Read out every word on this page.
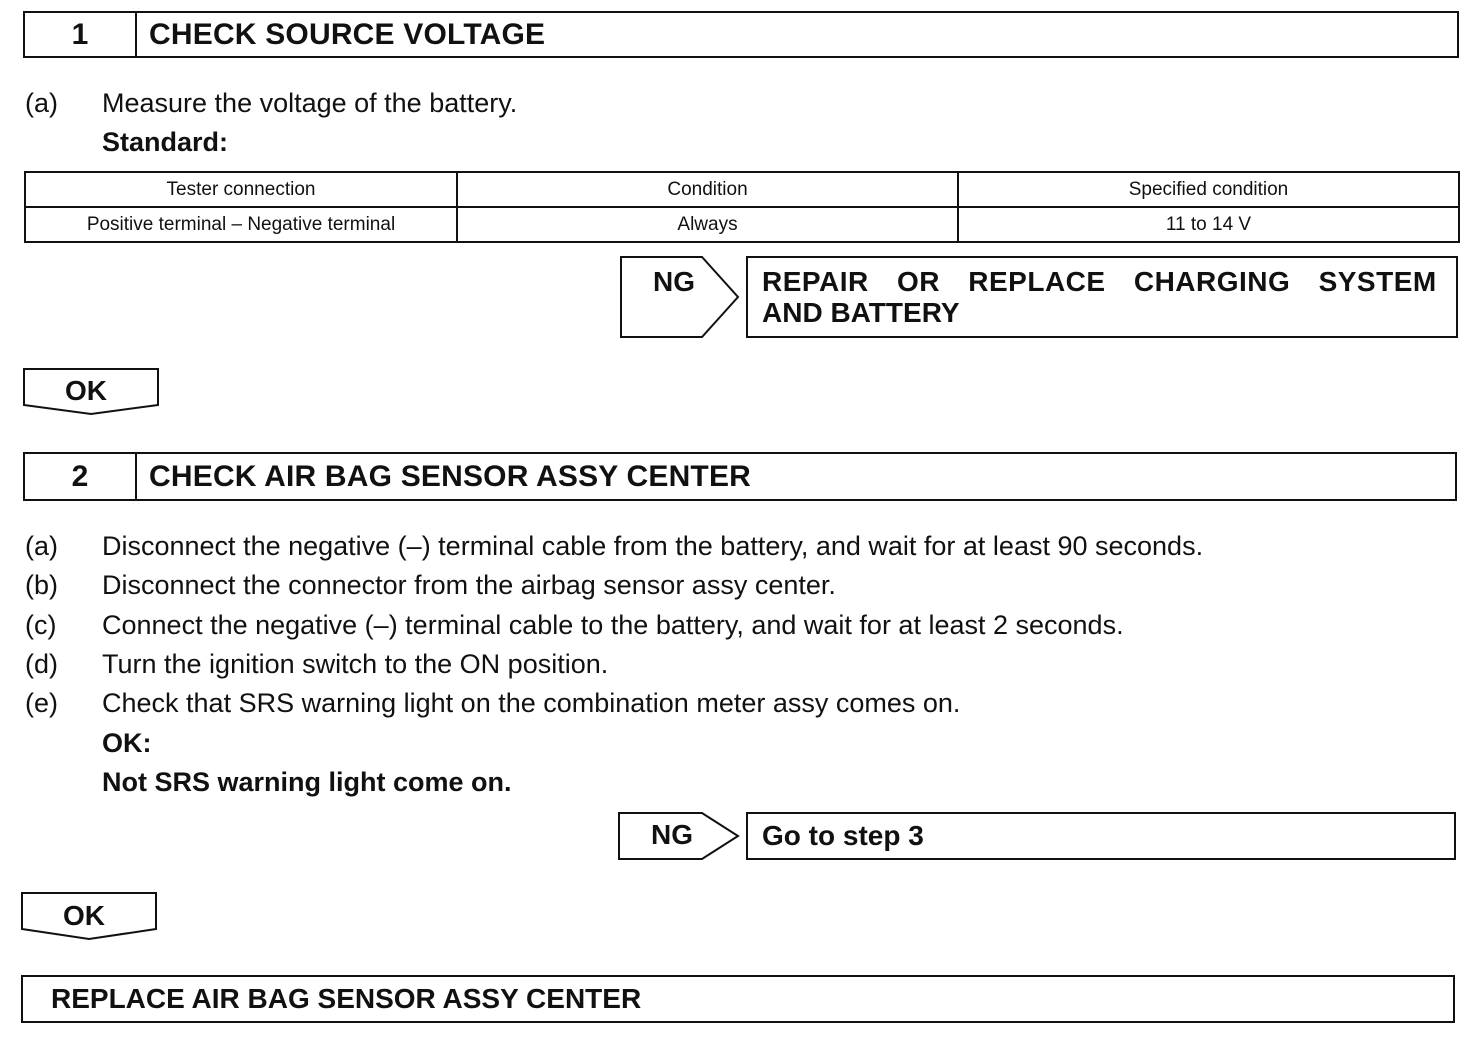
1	CHECK SOURCE VOLTAGE
(a) Measure the voltage of the battery.
Standard:
Tester connection	Condition	Specified condition
Positive terminal – Negative terminal	Always	11 to 14 V
NG REPAIR OR REPLACE CHARGING SYSTEM
AND BATTERY
OK
2	CHECK AIR BAG SENSOR ASSY CENTER
(a) Disconnect the negative (–) terminal cable from the battery, and wait for at least 90 seconds.
(b) Disconnect the connector from the airbag sensor assy center.
(c) Connect the negative (–) terminal cable to the battery, and wait for at least 2 seconds.
(d) Turn the ignition switch to the ON position.
(e) Check that SRS warning light on the combination meter assy comes on.
OK:
Not SRS warning light come on.
NG Go to step 3
OK
REPLACE AIR BAG SENSOR ASSY CENTER
